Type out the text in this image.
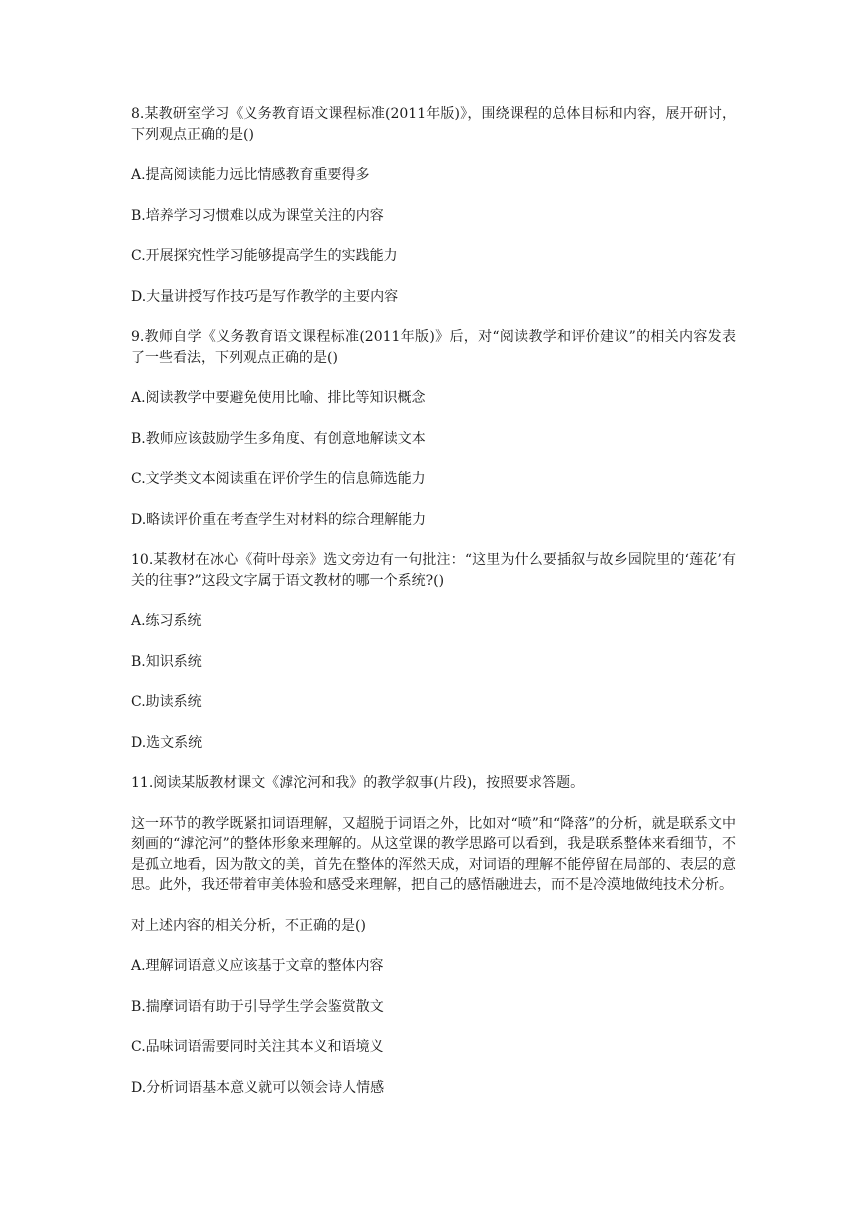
8.某教研室学习《义务教育语文课程标准(2011年版)》，围绕课程的总体目标和内容，展开研讨，下列观点正确的是()

A.提高阅读能力远比情感教育重要得多

B.培养学习习惯难以成为课堂关注的内容

C.开展探究性学习能够提高学生的实践能力

D.大量讲授写作技巧是写作教学的主要内容

9.教师自学《义务教育语文课程标准(2011年版)》后，对“阅读教学和评价建议”的相关内容发表了一些看法，下列观点正确的是()

A.阅读教学中要避免使用比喻、排比等知识概念

B.教师应该鼓励学生多角度、有创意地解读文本

C.文学类文本阅读重在评价学生的信息筛选能力

D.略读评价重在考查学生对材料的综合理解能力

10.某教材在冰心《荷叶母亲》选文旁边有一句批注：“这里为什么要插叙与故乡园院里的‘莲花’有关的往事?”这段文字属于语文教材的哪一个系统?()

A.练习系统

B.知识系统

C.助读系统

D.选文系统

11.阅读某版教材课文《滹沱河和我》的教学叙事(片段)，按照要求答题。

这一环节的教学既紧扣词语理解，又超脱于词语之外，比如对“喷”和“降落”的分析，就是联系文中刻画的“滹沱河”的整体形象来理解的。从这堂课的教学思路可以看到，我是联系整体来看细节，不是孤立地看，因为散文的美，首先在整体的浑然天成，对词语的理解不能停留在局部的、表层的意思。此外，我还带着审美体验和感受来理解，把自己的感悟融进去，而不是冷漠地做纯技术分析。

对上述内容的相关分析，不正确的是()

A.理解词语意义应该基于文章的整体内容

B.揣摩词语有助于引导学生学会鉴赏散文

C.品味词语需要同时关注其本义和语境义

D.分析词语基本意义就可以领会诗人情感
